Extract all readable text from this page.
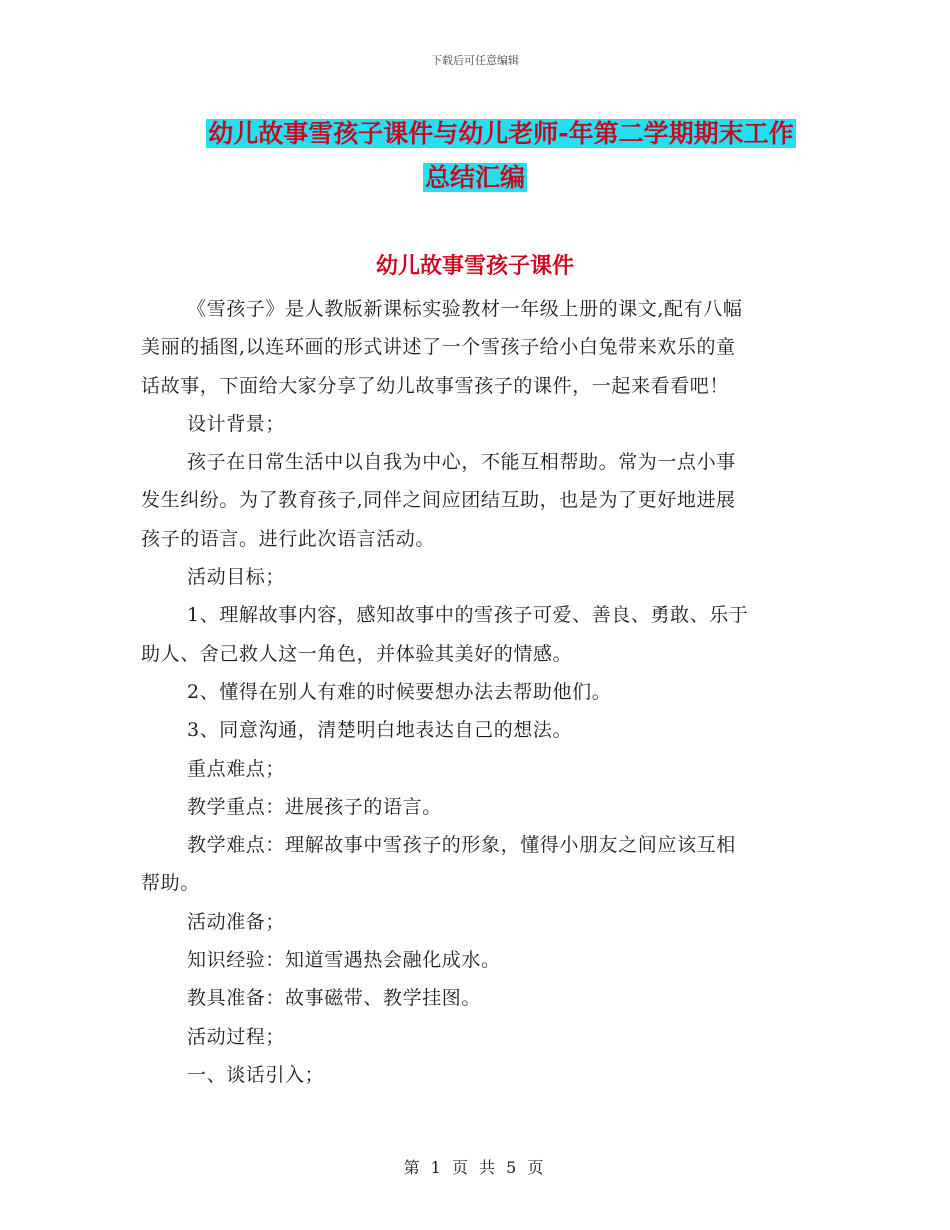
下载后可任意编辑
幼儿故事雪孩子课件与幼儿老师-年第二学期期末工作
总结汇编
幼儿故事雪孩子课件
《雪孩子》是人教版新课标实验教材一年级上册的课文,配有八幅
美丽的插图,以连环画的形式讲述了一个雪孩子给小白兔带来欢乐的童
话故事，下面给大家分享了幼儿故事雪孩子的课件，一起来看看吧！
设计背景；
孩子在日常生活中以自我为中心，不能互相帮助。常为一点小事
发生纠纷。为了教育孩子,同伴之间应团结互助，也是为了更好地进展
孩子的语言。进行此次语言活动。
活动目标；
1、理解故事内容，感知故事中的雪孩子可爱、善良、勇敢、乐于
助人、舍己救人这一角色，并体验其美好的情感。
2、懂得在别人有难的时候要想办法去帮助他们。
3、同意沟通，清楚明白地表达自己的想法。
重点难点；
教学重点：进展孩子的语言。
教学难点：理解故事中雪孩子的形象，懂得小朋友之间应该互相
帮助。
活动准备；
知识经验：知道雪遇热会融化成水。
教具准备：故事磁带、教学挂图。
活动过程；
一、谈话引入；
第 1 页 共 5 页
